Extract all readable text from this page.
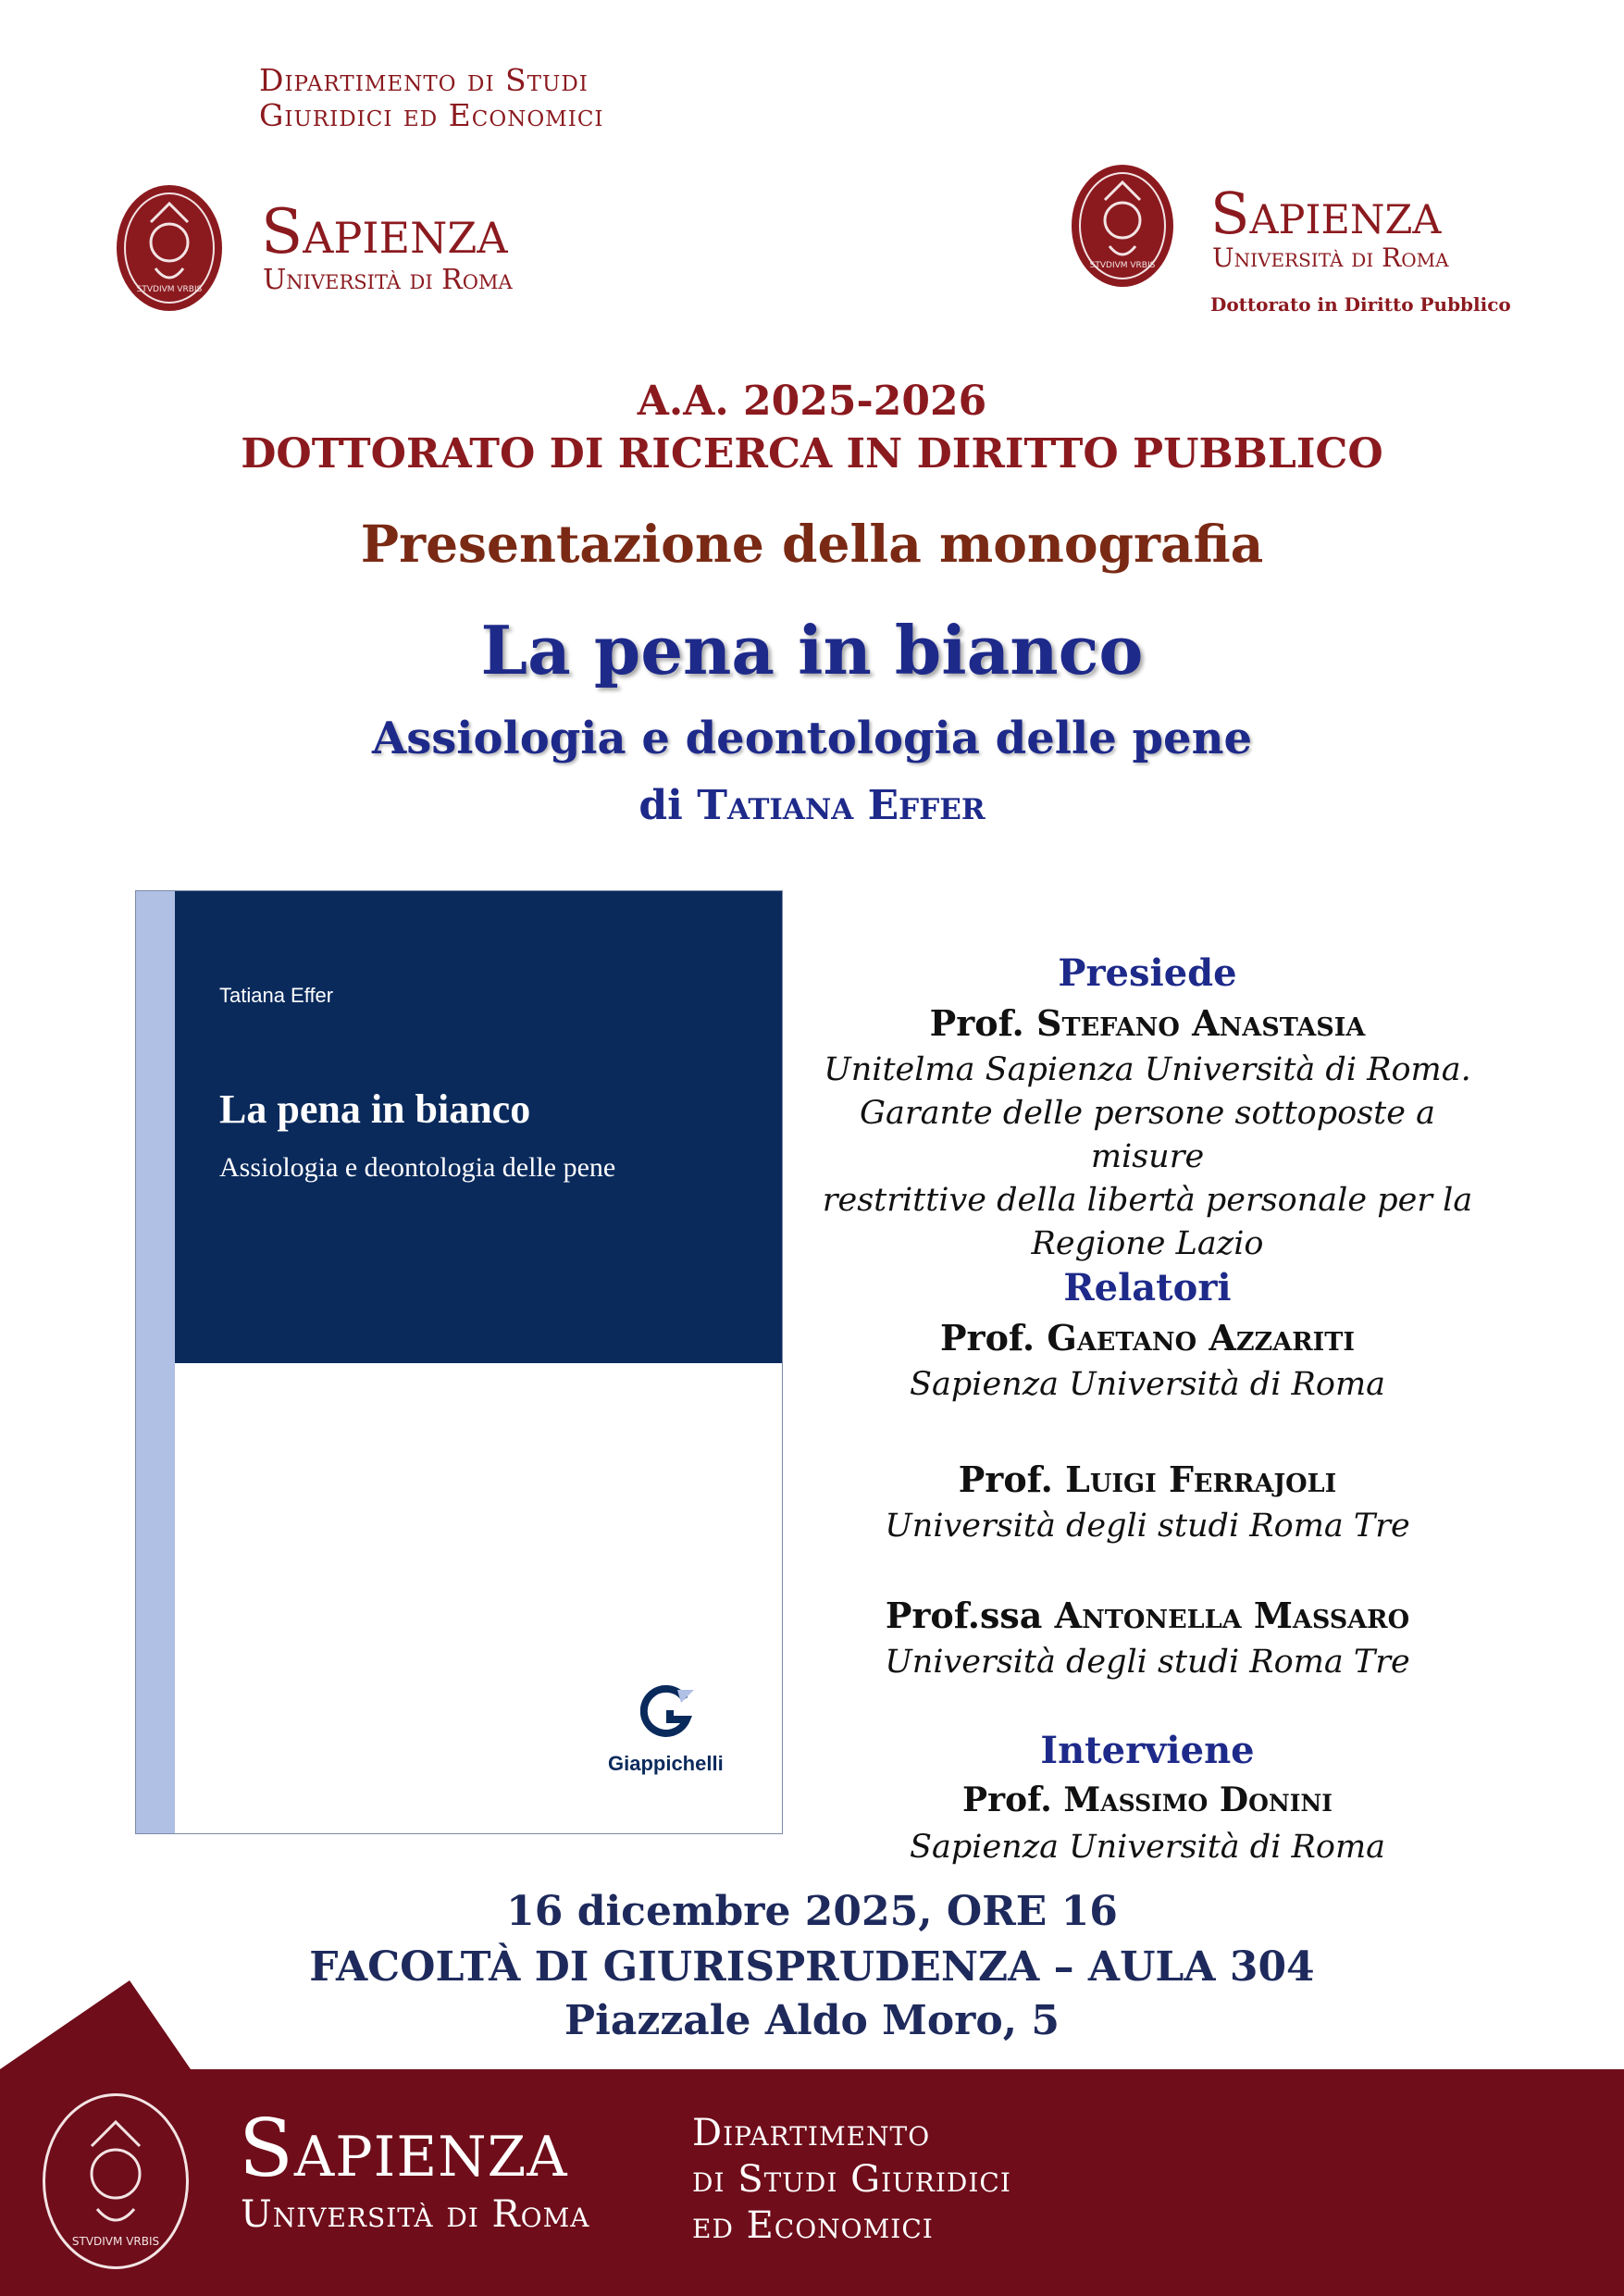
Dipartimento di Studi
Giuridici ed Economici
STVDIVM VRBIS
Sapienza
Università di Roma	STVDIVM VRBIS
Sapienza
Università di Roma
Dottorato in Diritto Pubblico
A.A. 2025-2026
DOTTORATO DI RICERCA IN DIRITTO PUBBLICO
Presentazione della monografia
La pena in bianco
Assiologia e deontologia delle pene
di Tatiana Effer
Tatiana Effer
La pena in bianco
Assiologia e deontologia delle pene
Giappichelli
Presiede
Prof. Stefano Anastasia
Unitelma Sapienza Università di Roma.
Garante delle persone sottoposte a misure
restrittive della libertà personale per la
Regione Lazio
Relatori
Prof. Gaetano Azzariti
Sapienza Università di Roma
Prof. Luigi Ferrajoli
Università degli studi Roma Tre
Prof.ssa Antonella Massaro
Università degli studi Roma Tre
Interviene
Prof. Massimo Donini
Sapienza Università di Roma
16 dicembre 2025, ORE 16
FACOLTÀ DI GIURISPRUDENZA – AULA 304
Piazzale Aldo Moro, 5
STVDIVM VRBIS
Sapienza
Università di Roma
Dipartimento
di Studi Giuridici
ed Economici
